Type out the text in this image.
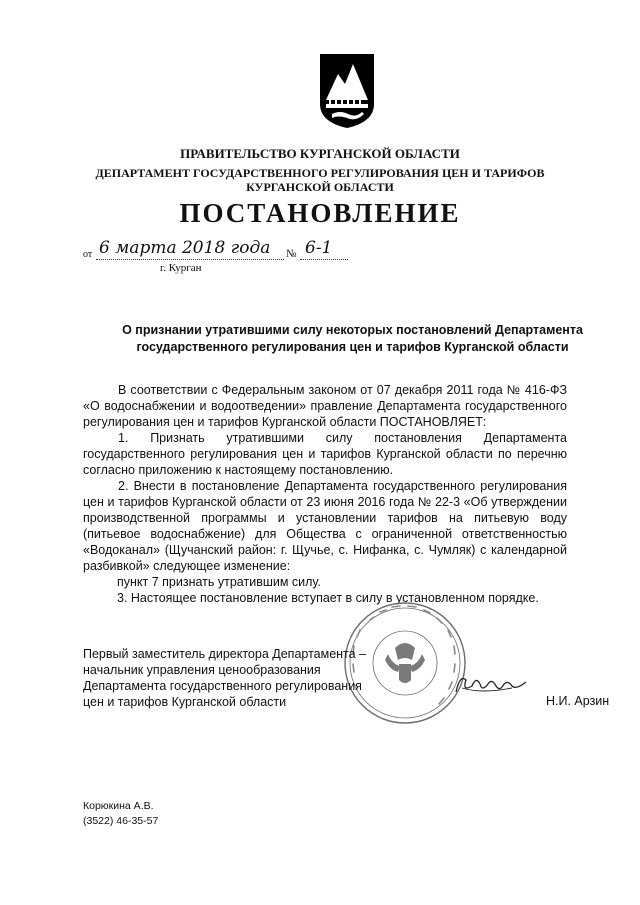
ПРАВИТЕЛЬСТВО КУРГАНСКОЙ ОБЛАСТИ
ДЕПАРТАМЕНТ ГОСУДАРСТВЕННОГО РЕГУЛИРОВАНИЯ ЦЕН И ТАРИФОВ
КУРГАНСКОЙ ОБЛАСТИ
ПОСТАНОВЛЕНИЕ
от 6 марта 2018 года № 6-1
г. Курган
О признании утратившими силу некоторых постановлений Департамента
государственного регулирования цен и тарифов Курганской области

В соответствии с Федеральным законом от 07 декабря 2011 года № 416-ФЗ «О водоснабжении и водоотведении» правление Департамента государственного регулирования цен и тарифов Курганской области ПОСТАНОВЛЯЕТ:

1. Признать утратившими силу постановления Департамента государственного регулирования цен и тарифов Курганской области по перечню согласно приложению к настоящему постановлению.

2. Внести в постановление Департамента государственного регулирования цен и тарифов Курганской области от 23 июня 2016 года № 22-3 «Об утверждении производственной программы и установлении тарифов на питьевую воду (питьевое водоснабжение) для Общества с ограниченной ответственностью «Водоканал» (Щучанский район: г. Щучье, с. Нифанка, с. Чумляк) с календарной разбивкой» следующее изменение:

пункт 7 признать утратившим силу.

3. Настоящее постановление вступает в силу в установленном порядке.

Первый заместитель директора Департамента –
начальник управления ценообразования
Департамента государственного регулирования
цен и тарифов Курганской области	Н.И. Арзин
Корюкина А.В.
(3522) 46-35-57
